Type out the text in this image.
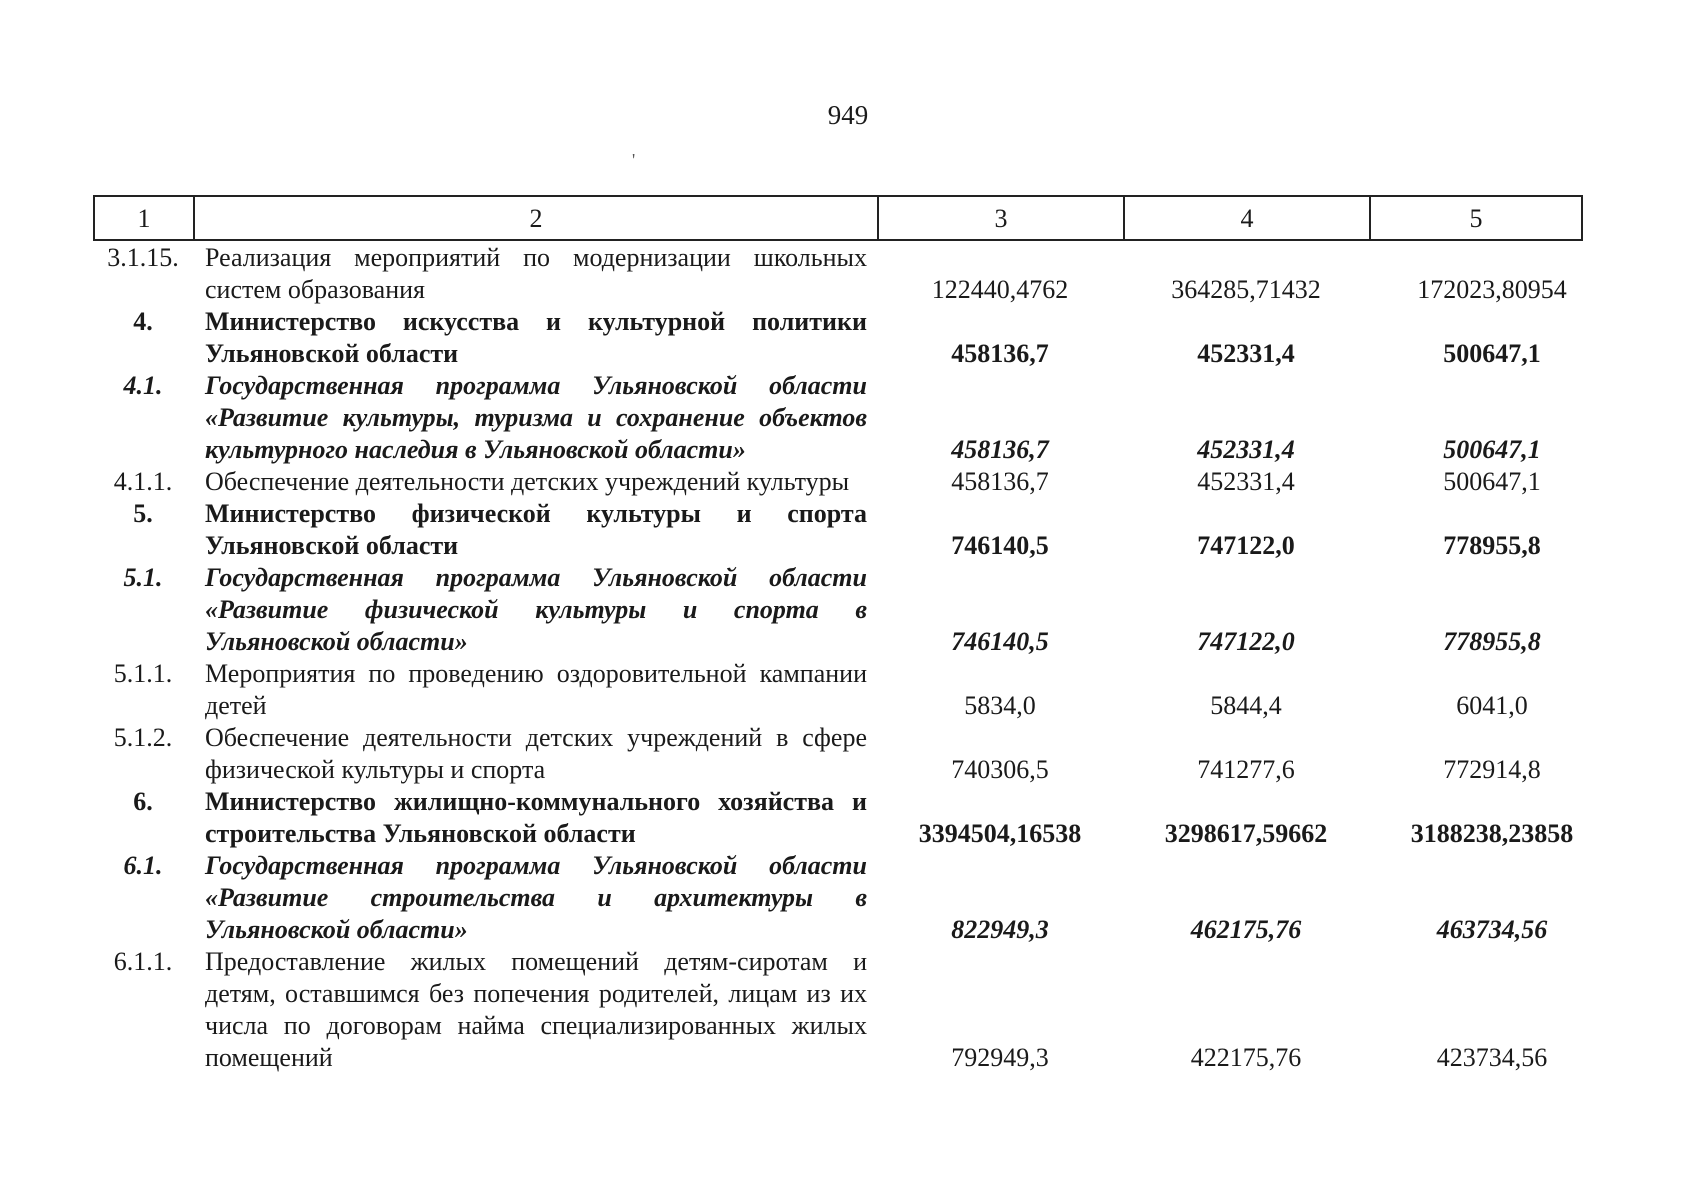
949
'
1	2	3	4	5
3.1.15.	Реализация мероприятий по модернизации школьных систем образования	122440,4762	364285,71432	172023,80954
4.	Министерство искусства и культурной политики Ульяновской области	458136,7	452331,4	500647,1
4.1.	Государственная программа Ульяновской области «Развитие культуры, туризма и сохранение объектов культурного наследия в Ульяновской области»	458136,7	452331,4	500647,1
4.1.1.	Обеспечение деятельности детских учреждений культуры	458136,7	452331,4	500647,1
5.	Министерство физической культуры и спорта Ульяновской области	746140,5	747122,0	778955,8
5.1.	Государственная программа Ульяновской области «Развитие физической культуры и спорта в Ульяновской области»	746140,5	747122,0	778955,8
5.1.1.	Мероприятия по проведению оздоровительной кампании детей	5834,0	5844,4	6041,0
5.1.2.	Обеспечение деятельности детских учреждений в сфере физической культуры и спорта	740306,5	741277,6	772914,8
6.	Министерство жилищно-коммунального хозяйства и строительства Ульяновской области	3394504,16538	3298617,59662	3188238,23858
6.1.	Государственная программа Ульяновской области «Развитие строительства и архитектуры в Ульяновской области»	822949,3	462175,76	463734,56
6.1.1.	Предоставление жилых помещений детям-сиротам и детям, оставшимся без попечения родителей, лицам из их числа по договорам найма специализированных жилых помещений	792949,3	422175,76	423734,56
